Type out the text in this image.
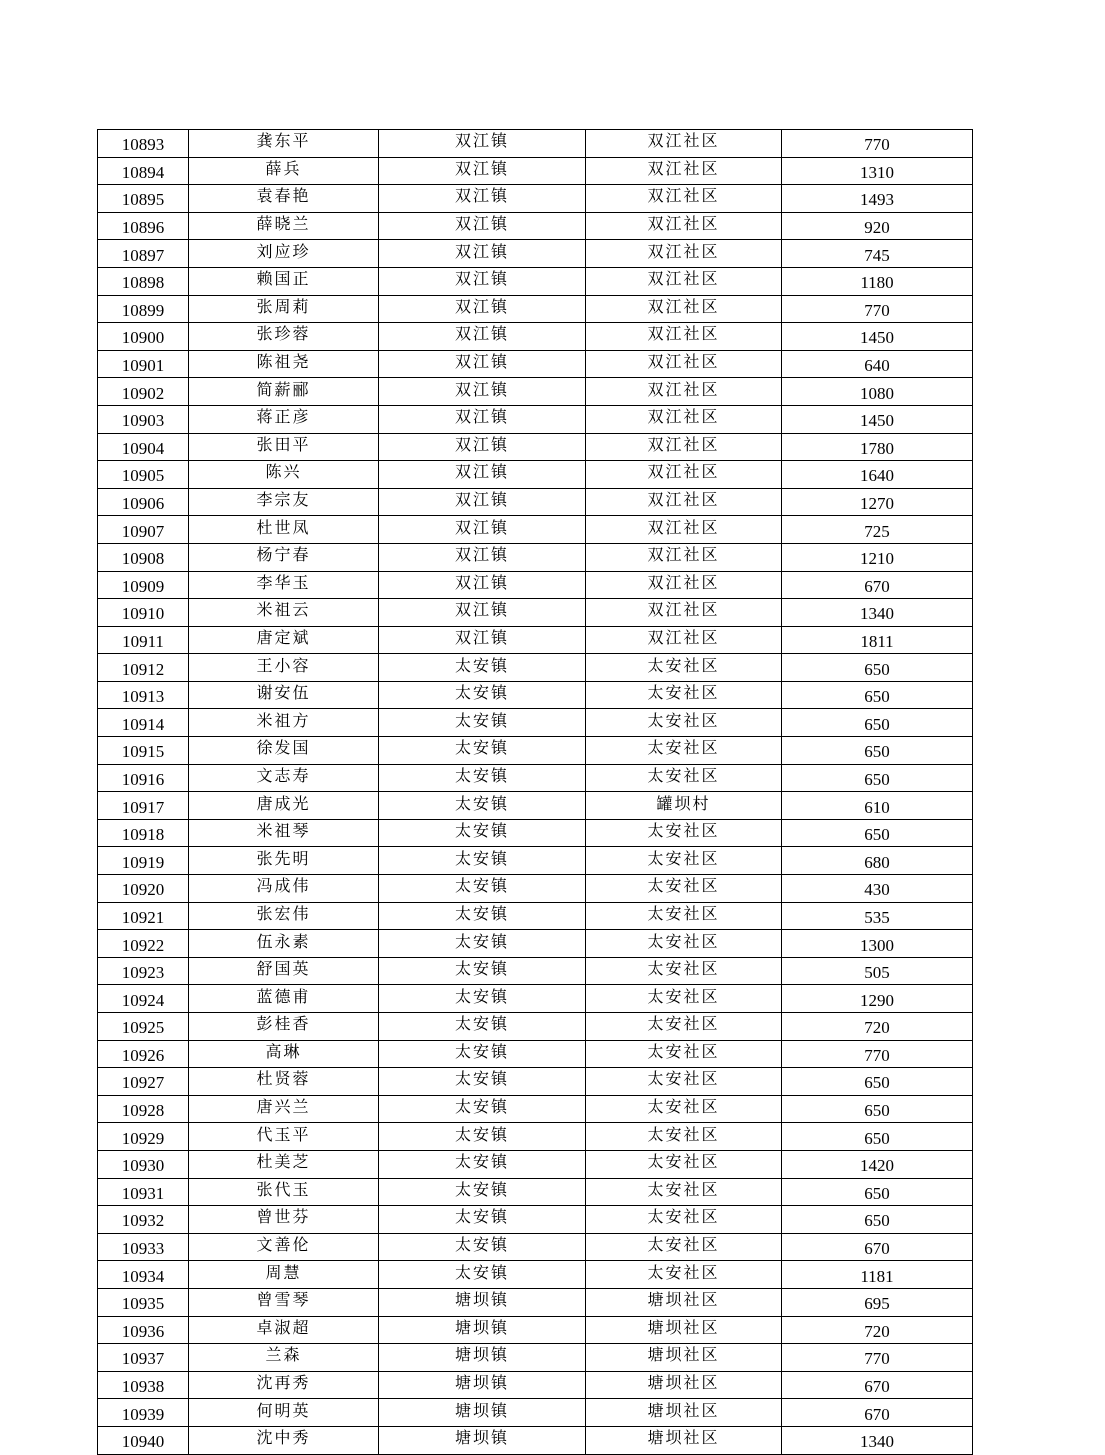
10893	龚东平	双江镇	双江社区	770
10894	薛兵	双江镇	双江社区	1310
10895	袁春艳	双江镇	双江社区	1493
10896	薛晓兰	双江镇	双江社区	920
10897	刘应珍	双江镇	双江社区	745
10898	赖国正	双江镇	双江社区	1180
10899	张周莉	双江镇	双江社区	770
10900	张珍蓉	双江镇	双江社区	1450
10901	陈祖尧	双江镇	双江社区	640
10902	简薪郦	双江镇	双江社区	1080
10903	蒋正彦	双江镇	双江社区	1450
10904	张田平	双江镇	双江社区	1780
10905	陈兴	双江镇	双江社区	1640
10906	李宗友	双江镇	双江社区	1270
10907	杜世凤	双江镇	双江社区	725
10908	杨宁春	双江镇	双江社区	1210
10909	李华玉	双江镇	双江社区	670
10910	米祖云	双江镇	双江社区	1340
10911	唐定斌	双江镇	双江社区	1811
10912	王小容	太安镇	太安社区	650
10913	谢安伍	太安镇	太安社区	650
10914	米祖方	太安镇	太安社区	650
10915	徐发国	太安镇	太安社区	650
10916	文志寿	太安镇	太安社区	650
10917	唐成光	太安镇	罐坝村	610
10918	米祖琴	太安镇	太安社区	650
10919	张先明	太安镇	太安社区	680
10920	冯成伟	太安镇	太安社区	430
10921	张宏伟	太安镇	太安社区	535
10922	伍永素	太安镇	太安社区	1300
10923	舒国英	太安镇	太安社区	505
10924	蓝德甫	太安镇	太安社区	1290
10925	彭桂香	太安镇	太安社区	720
10926	高琳	太安镇	太安社区	770
10927	杜贤蓉	太安镇	太安社区	650
10928	唐兴兰	太安镇	太安社区	650
10929	代玉平	太安镇	太安社区	650
10930	杜美芝	太安镇	太安社区	1420
10931	张代玉	太安镇	太安社区	650
10932	曾世芬	太安镇	太安社区	650
10933	文善伦	太安镇	太安社区	670
10934	周慧	太安镇	太安社区	1181
10935	曾雪琴	塘坝镇	塘坝社区	695
10936	卓淑超	塘坝镇	塘坝社区	720
10937	兰森	塘坝镇	塘坝社区	770
10938	沈再秀	塘坝镇	塘坝社区	670
10939	何明英	塘坝镇	塘坝社区	670
10940	沈中秀	塘坝镇	塘坝社区	1340
